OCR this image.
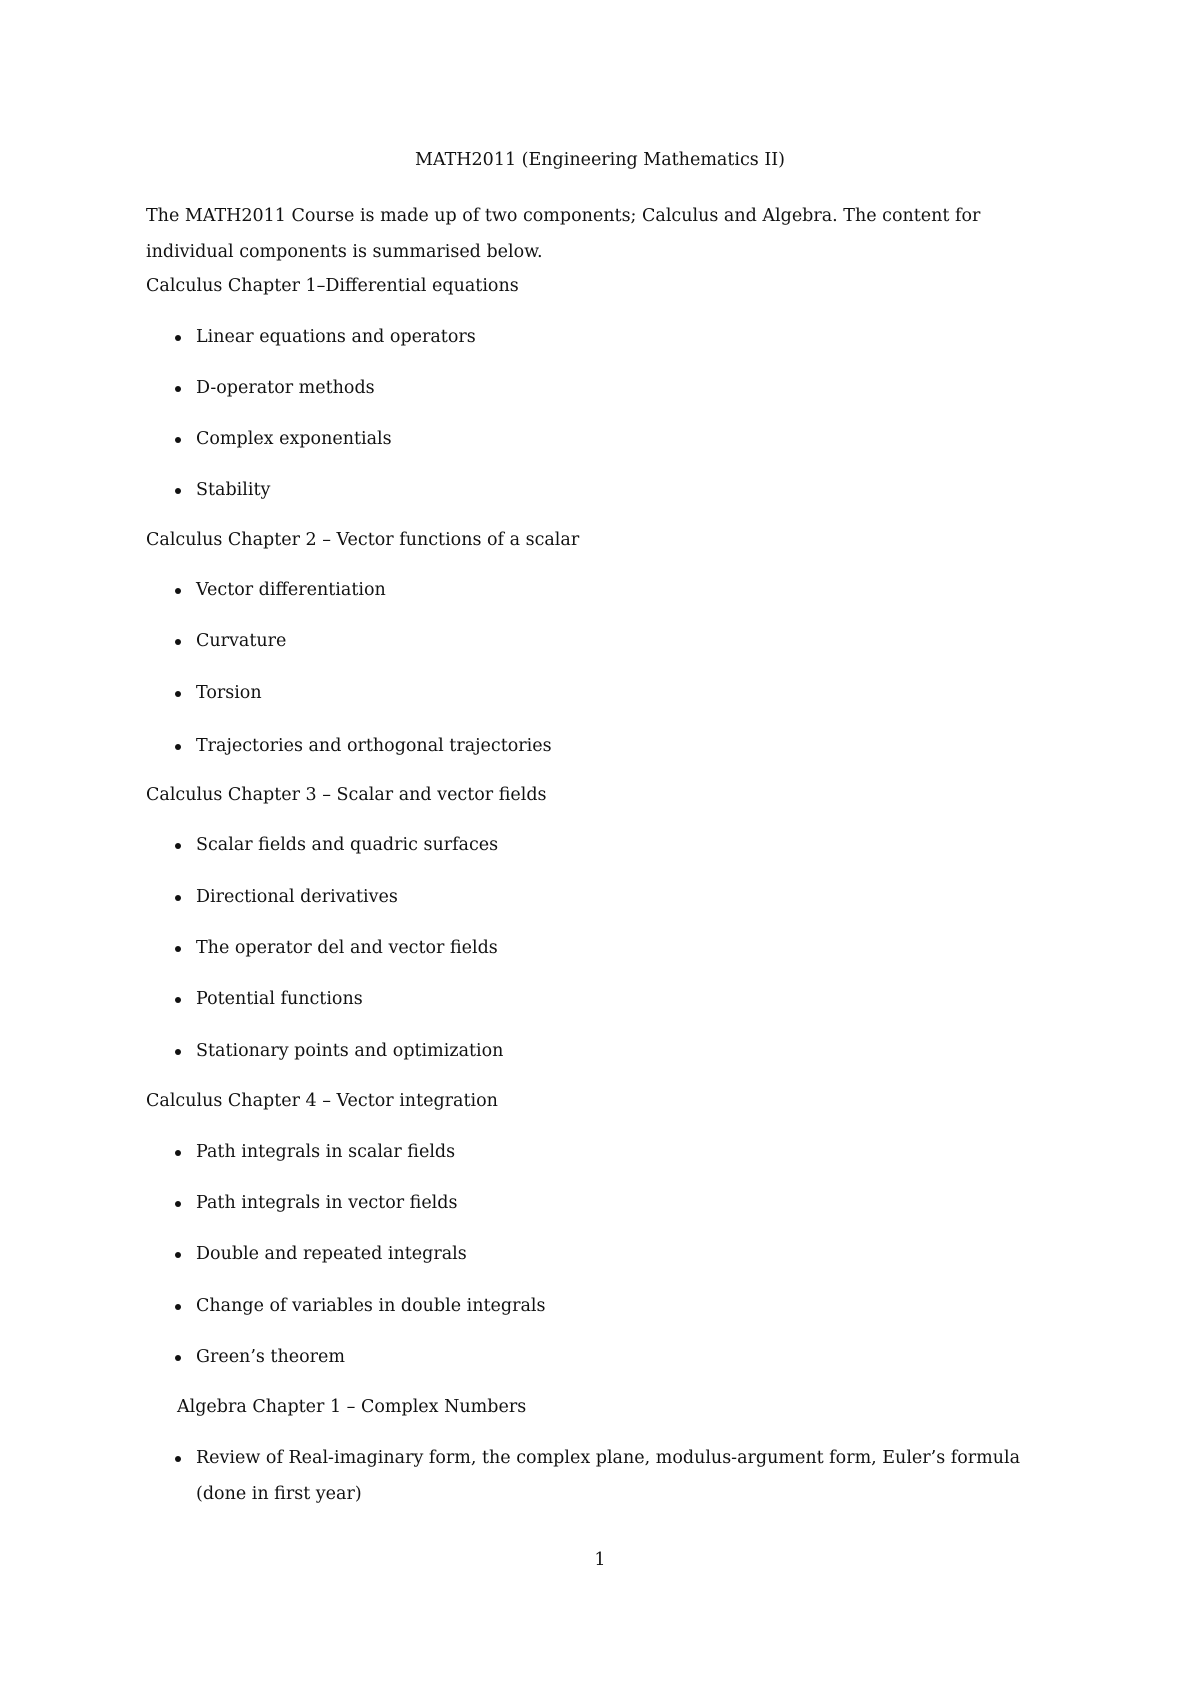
MATH2011 (Engineering Mathematics II)
The MATH2011 Course is made up of two components; Calculus and Algebra. The content for individual components is summarised below.
Calculus Chapter 1–Differential equations
Linear equations and operators
D-operator methods
Complex exponentials
Stability
Calculus Chapter 2 – Vector functions of a scalar
Vector differentiation
Curvature
Torsion
Trajectories and orthogonal trajectories
Calculus Chapter 3 – Scalar and vector fields
Scalar fields and quadric surfaces
Directional derivatives
The operator del and vector fields
Potential functions
Stationary points and optimization
Calculus Chapter 4 – Vector integration
Path integrals in scalar fields
Path integrals in vector fields
Double and repeated integrals
Change of variables in double integrals
Green’s theorem
Algebra Chapter 1 – Complex Numbers
Review of Real-imaginary form, the complex plane, modulus-argument form, Euler’s formula (done in first year)
1
